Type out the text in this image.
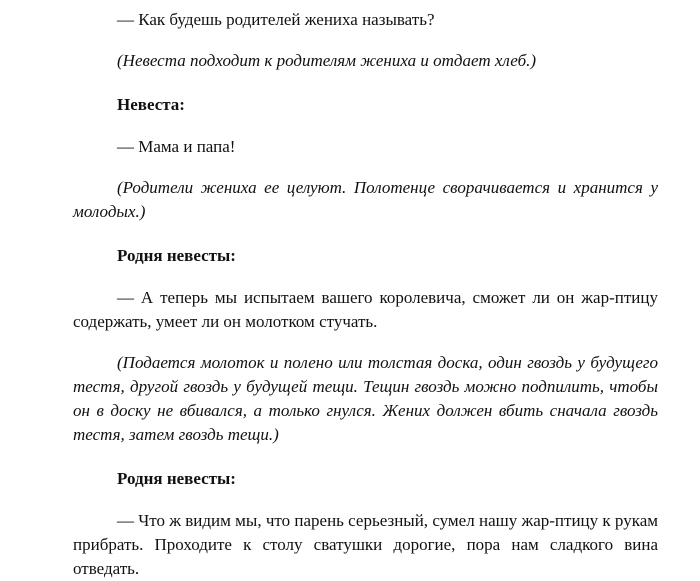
— Как будешь родителей жениха называть?

(Невеста подходит к родителям жениха и отдает хлеб.)

Невеста:

— Мама и папа!

(Родители жениха ее целуют. Полотенце сворачивается и хранится у молодых.)

Родня невесты:

— А теперь мы испытаем вашего королевича, сможет ли он жар-птицу содержать, умеет ли он молотком стучать.

(Подается молоток и полено или толстая доска, один гвоздь у будущего тестя, другой гвоздь у будущей тещи. Тещин гвоздь можно подпилить, чтобы он в доску не вбивался, а только гнулся. Жених должен вбить сначала гвоздь тестя, затем гвоздь тещи.)

Родня невесты:

— Что ж видим мы, что парень серьезный, сумел нашу жар-птицу к рукам прибрать. Проходите к столу сватушки дорогие, пора нам сладкого вина отведать.
